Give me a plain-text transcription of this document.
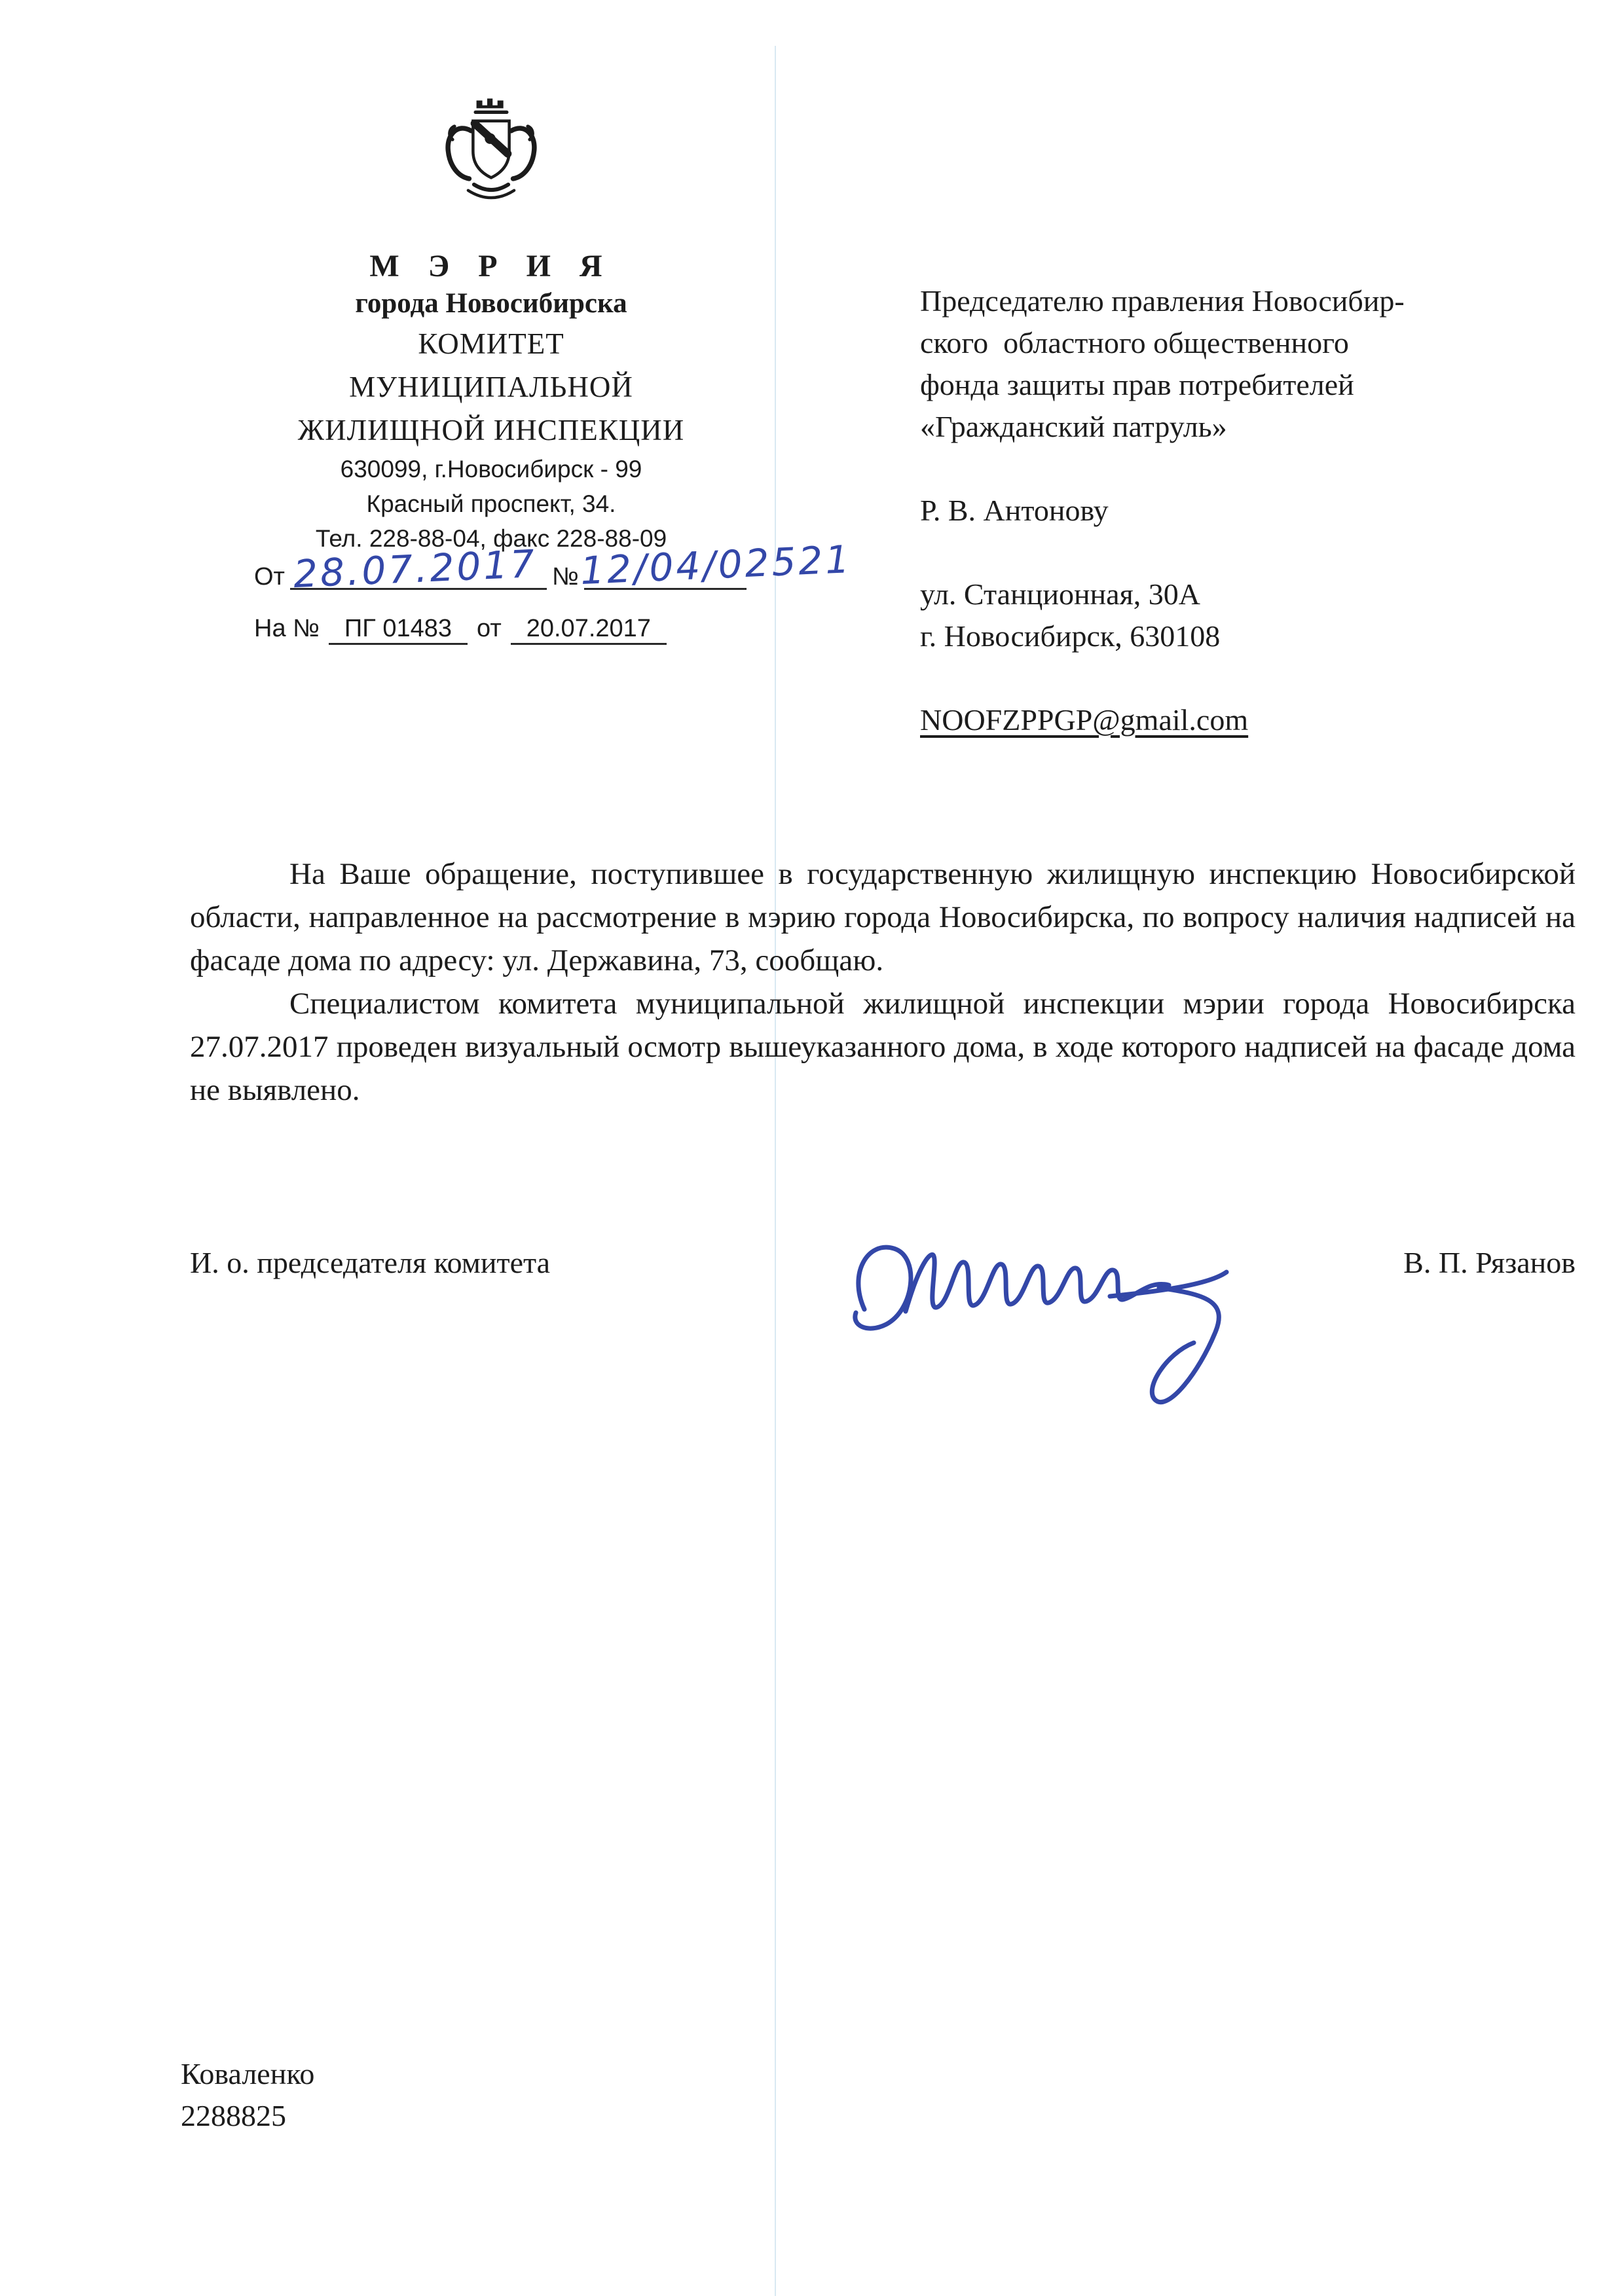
М Э Р И Я
города Новосибирска
КОМИТЕТ
МУНИЦИПАЛЬНОЙ
ЖИЛИЩНОЙ ИНСПЕКЦИИ
630099, г.Новосибирск - 99
Красный проспект, 34.
Тел. 228-88-04, факс 228-88-09
От	№
28.07.2017 12/04/02521
На № ПГ 01483 от 20.07.2017
Председателю правления Новосибир-
ского  областного общественного
фонда защиты прав потребителей
«Гражданский патруль»
Р. В. Антонову
ул. Станционная, 30А
г. Новосибирск, 630108
NOOFZPPGP@gmail.com

На Ваше обращение, поступившее в государственную жилищную инспекцию Новосибирской области, направленное на рассмотрение в мэрию города Новосибирска, по вопросу наличия надписей на фасаде дома по адресу: ул. Державина, 73, сообщаю.

Специалистом комитета муниципальной жилищной инспекции мэрии города Новосибирска 27.07.2017 проведен визуальный осмотр вышеуказанного дома, в ходе которого надписей на фасаде дома не выявлено.

И. о. председателя комитета	В. П. Рязанов
Коваленко
2288825
